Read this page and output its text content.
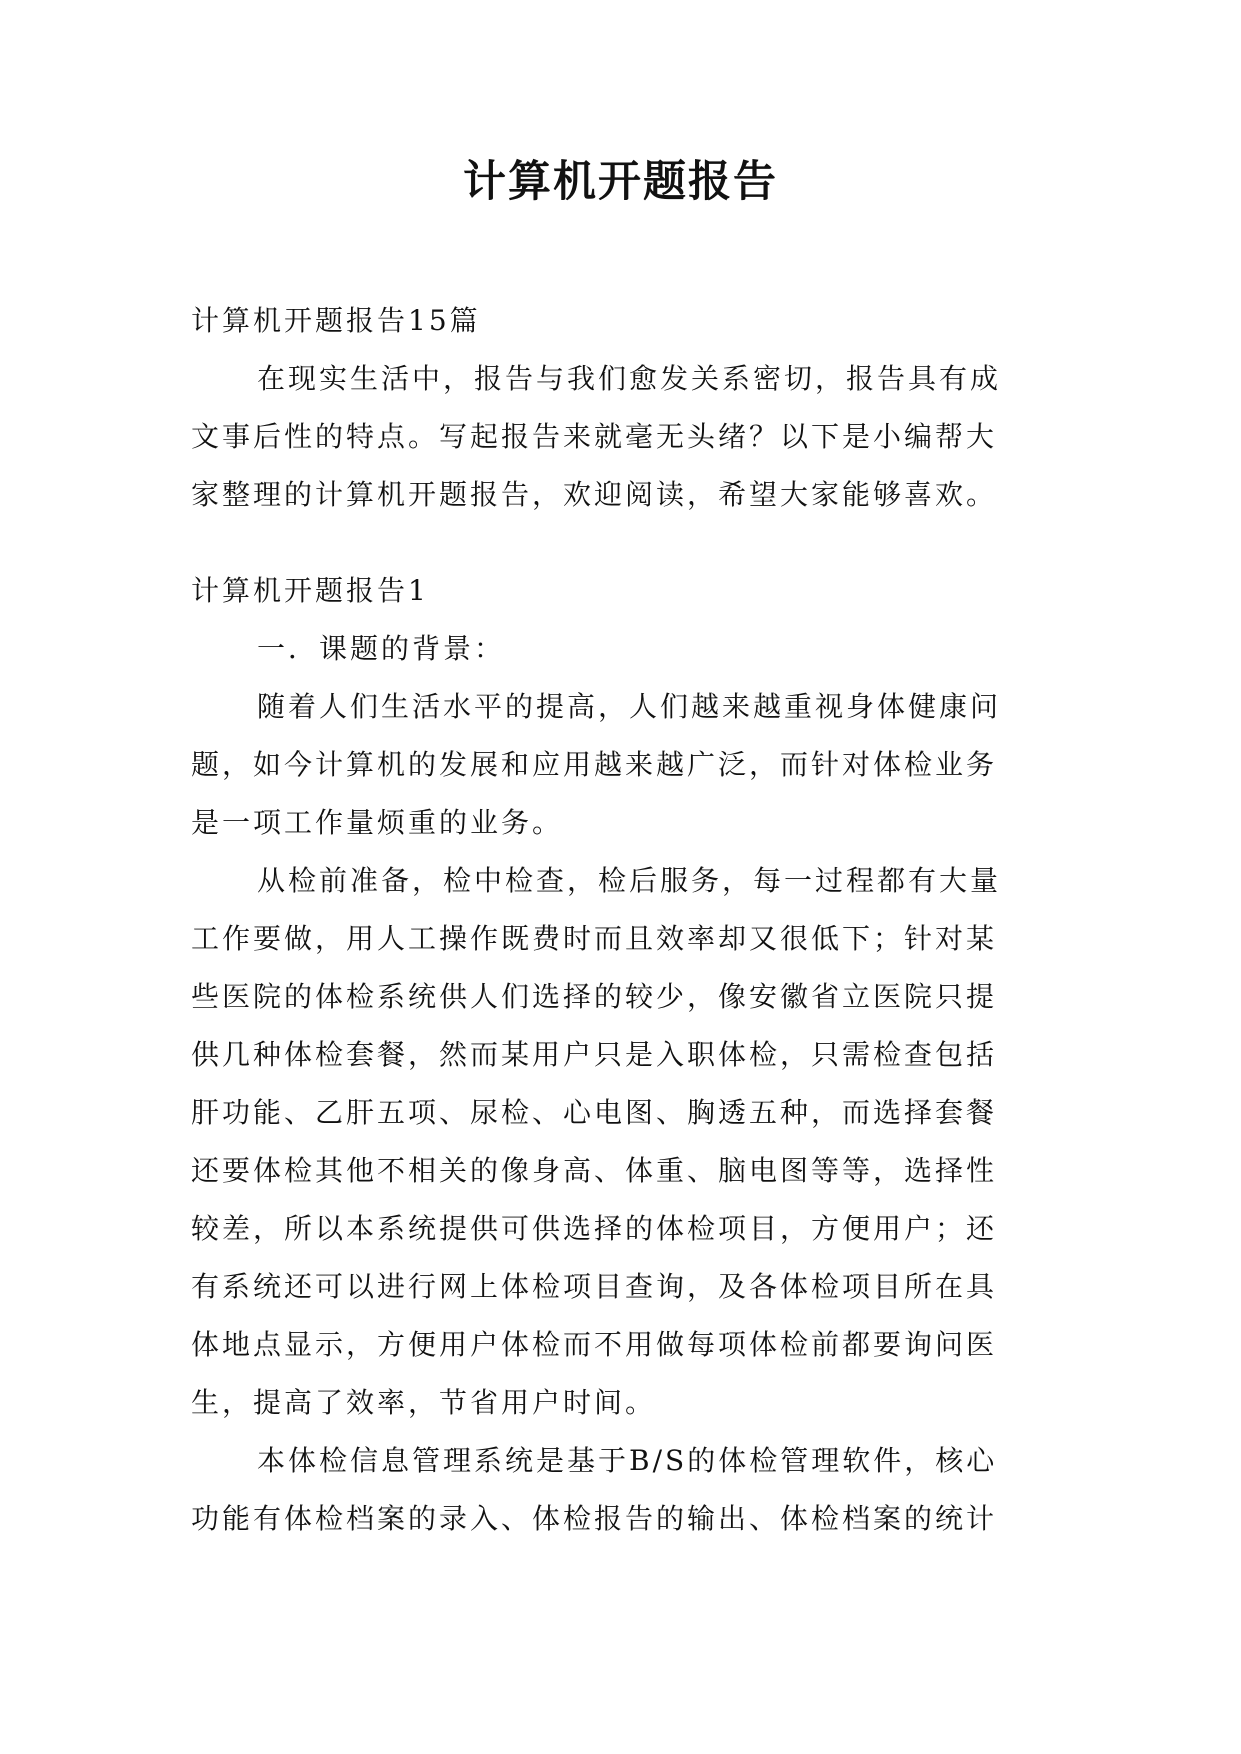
计算机开题报告
计算机开题报告15篇
在现实生活中，报告与我们愈发关系密切，报告具有成
文事后性的特点。写起报告来就毫无头绪？以下是小编帮大
家整理的计算机开题报告，欢迎阅读，希望大家能够喜欢。
计算机开题报告1
一．课题的背景：
随着人们生活水平的提高，人们越来越重视身体健康问
题，如今计算机的发展和应用越来越广泛，而针对体检业务
是一项工作量烦重的业务。
从检前准备，检中检查，检后服务，每一过程都有大量
工作要做，用人工操作既费时而且效率却又很低下；针对某
些医院的体检系统供人们选择的较少，像安徽省立医院只提
供几种体检套餐，然而某用户只是入职体检，只需检查包括
肝功能、乙肝五项、尿检、心电图、胸透五种，而选择套餐
还要体检其他不相关的像身高、体重、脑电图等等，选择性
较差，所以本系统提供可供选择的体检项目，方便用户；还
有系统还可以进行网上体检项目查询，及各体检项目所在具
体地点显示，方便用户体检而不用做每项体检前都要询问医
生，提高了效率，节省用户时间。
本体检信息管理系统是基于B/S的体检管理软件，核心
功能有体检档案的录入、体检报告的输出、体检档案的统计
